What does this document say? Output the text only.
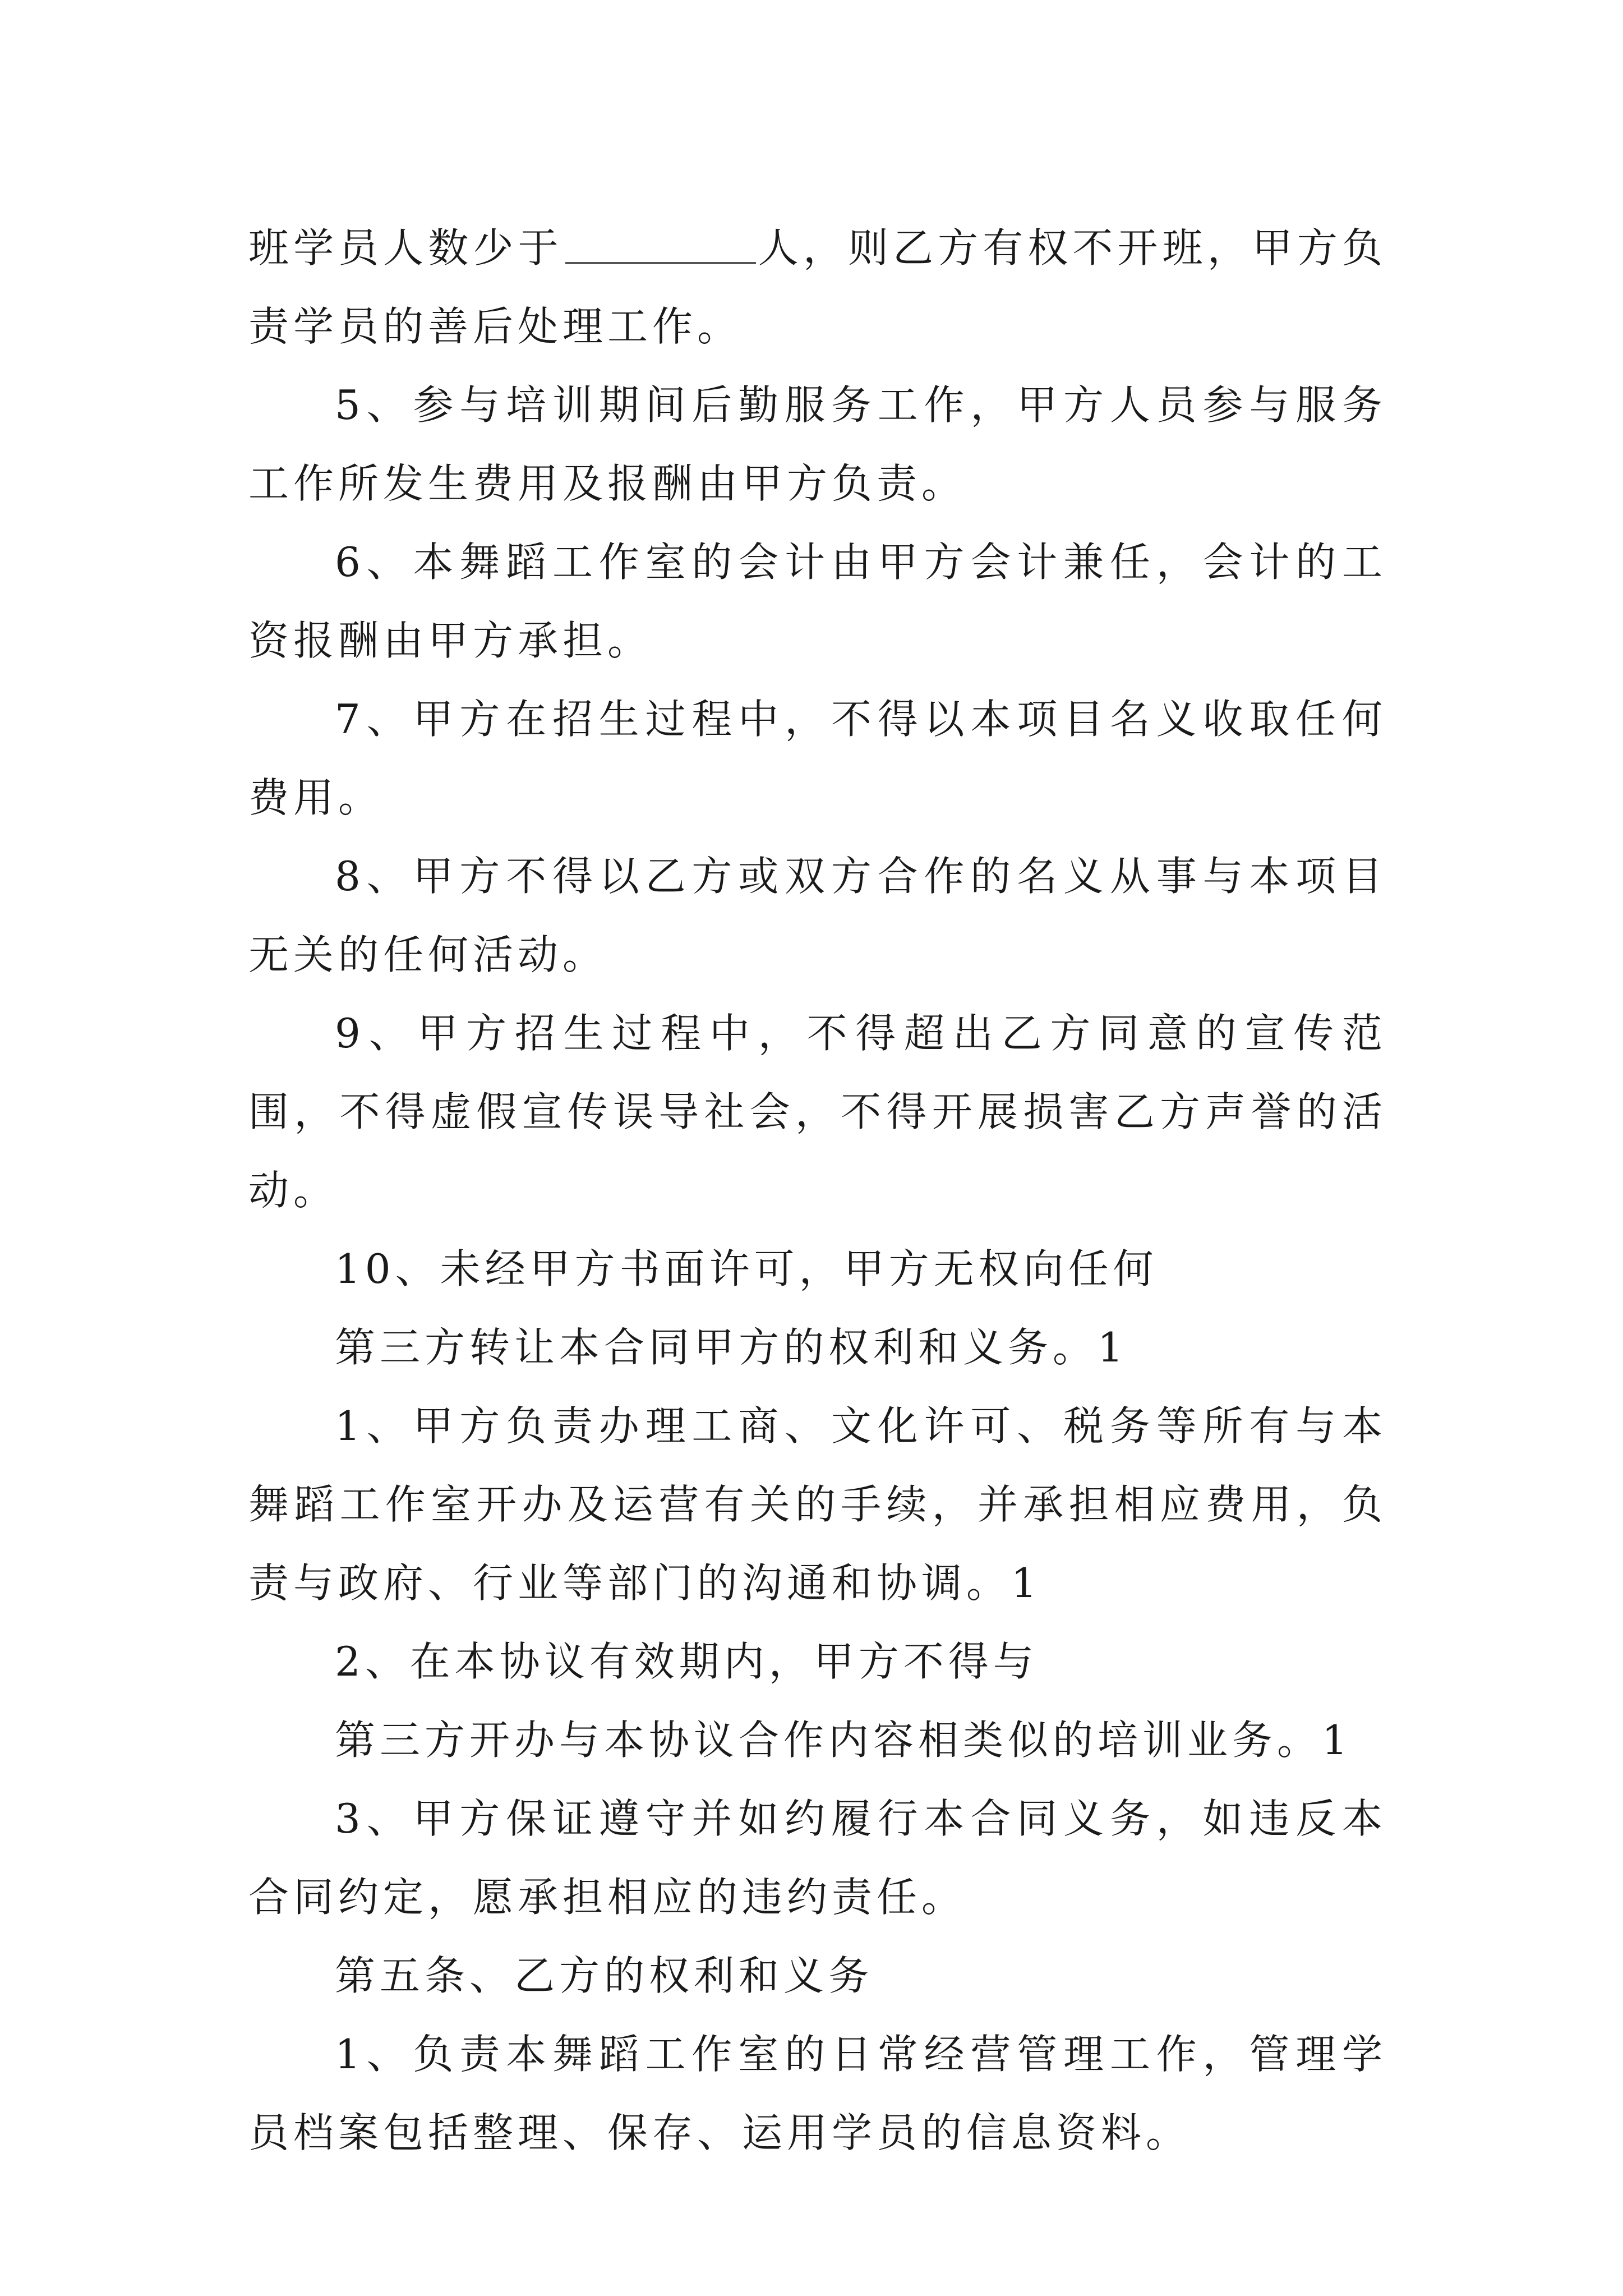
班学员人数少于	人，则乙方有权不开班，甲方负责学员的善后处理工作。

5、参与培训期间后勤服务工作，甲方人员参与服务工作所发生费用及报酬由甲方负责。

6、本舞蹈工作室的会计由甲方会计兼任，会计的工资报酬由甲方承担。

7、甲方在招生过程中，不得以本项目名义收取任何费用。

8、甲方不得以乙方或双方合作的名义从事与本项目无关的任何活动。

9、甲方招生过程中，不得超出乙方同意的宣传范围，不得虚假宣传误导社会，不得开展损害乙方声誉的活动。

10、未经甲方书面许可，甲方无权向任何

第三方转让本合同甲方的权利和义务。1

1、甲方负责办理工商、文化许可、税务等所有与本舞蹈工作室开办及运营有关的手续，并承担相应费用，负责与政府、行业等部门的沟通和协调。1

2、在本协议有效期内，甲方不得与

第三方开办与本协议合作内容相类似的培训业务。1

3、甲方保证遵守并如约履行本合同义务，如违反本合同约定，愿承担相应的违约责任。

第五条、乙方的权利和义务

1、负责本舞蹈工作室的日常经营管理工作，管理学员档案包括整理、保存、运用学员的信息资料。
